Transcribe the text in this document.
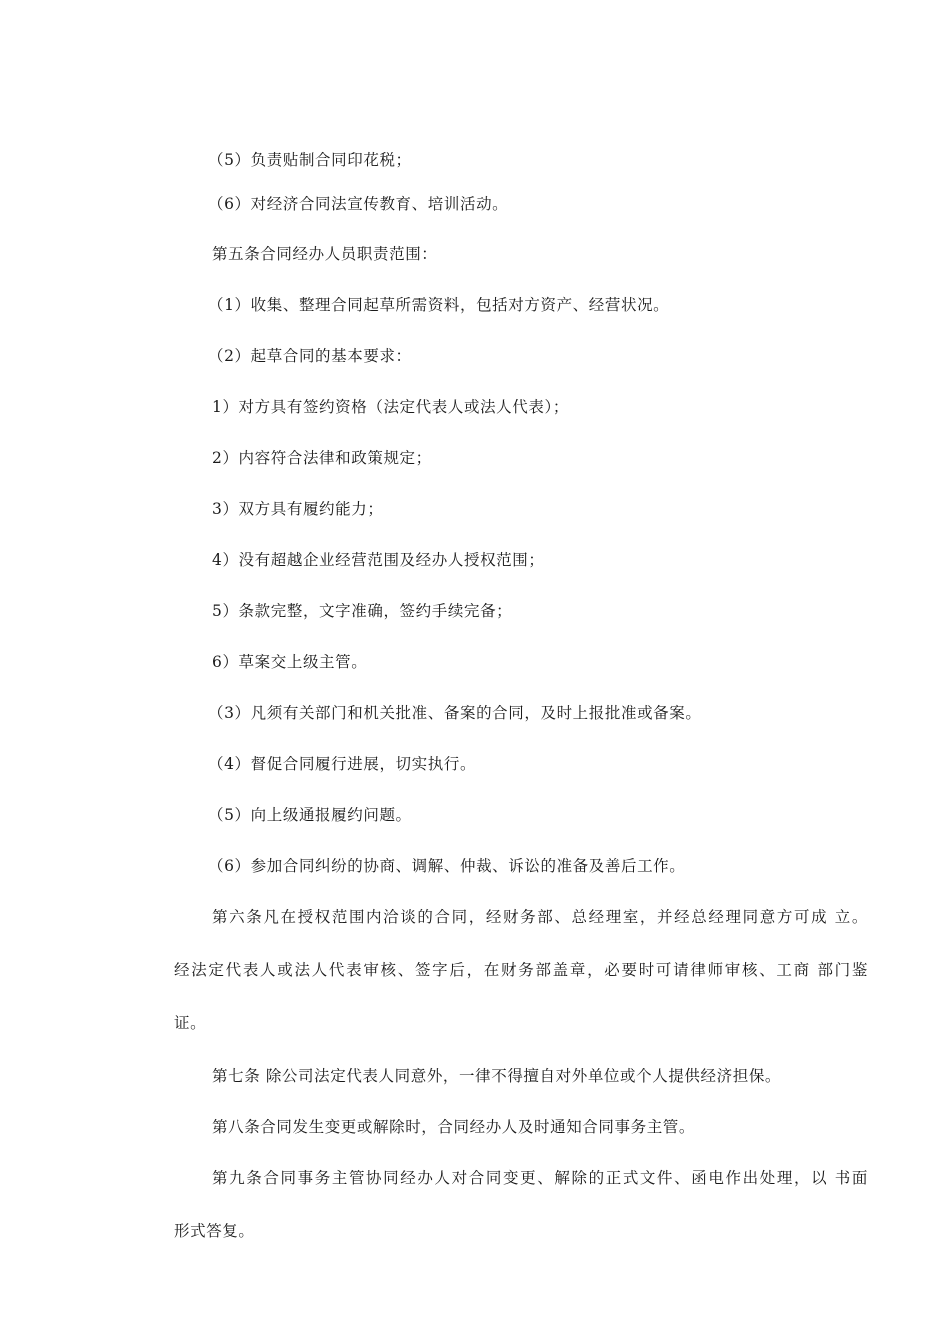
（5）负责贴制合同印花税；
（6）对经济合同法宣传教育、培训活动。
第五条合同经办人员职责范围：
（1）收集、整理合同起草所需资料，包括对方资产、经营状况。
（2）起草合同的基本要求：
1）对方具有签约资格（法定代表人或法人代表）；
2）内容符合法律和政策规定；
3）双方具有履约能力；
4）没有超越企业经营范围及经办人授权范围；
5）条款完整，文字准确，签约手续完备；
6）草案交上级主管。
（3）凡须有关部门和机关批准、备案的合同，及时上报批准或备案。
（4）督促合同履行进展，切实执行。
（5）向上级通报履约问题。
（6）参加合同纠纷的协商、调解、仲裁、诉讼的准备及善后工作。
第六条凡在授权范围内洽谈的合同，经财务部、总经理室，并经总经理同意方可成 立。
经法定代表人或法人代表审核、签字后，在财务部盖章，必要时可请律师审核、工商 部门鉴
证。
第七条 除公司法定代表人同意外，一律不得擅自对外单位或个人提供经济担保。
第八条合同发生变更或解除时，合同经办人及时通知合同事务主管。
第九条合同事务主管协同经办人对合同变更、解除的正式文件、函电作出处理，以 书面
形式答复。
